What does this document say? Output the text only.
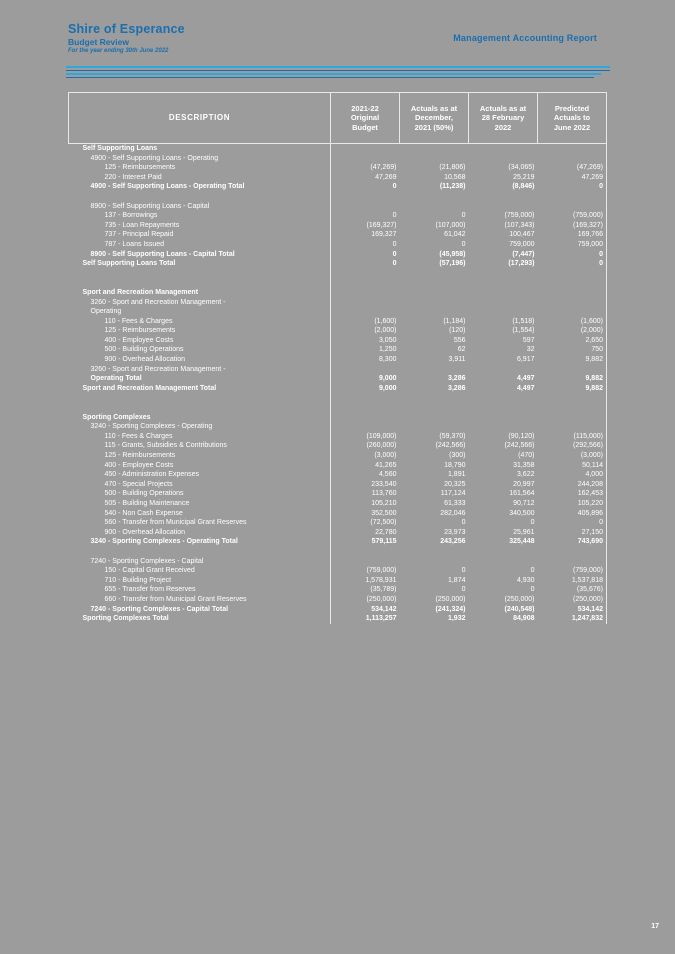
Shire of Esperance
Budget Review
For the year ending 30th June 2022
Management Accounting Report
DESCRIPTION	2021-22
Original
Budget	Actuals as at
December,
2021 (50%)	Actuals as at
28 February
2022	Predicted
Actuals to
June 2022
Self Supporting Loans				
4900 - Self Supporting Loans - Operating				
125 - Reimbursements	(47,269)	(21,806)	(34,065)	(47,269)
220 - Interest Paid	47,269	10,568	25,219	47,269
4900 - Self Supporting Loans - Operating Total	0	(11,238)	(8,846)	0

8900 - Self Supporting Loans - Capital				
137 - Borrowings	0	0	(759,000)	(759,000)
735 - Loan Repayments	(169,327)	(107,000)	(107,343)	(169,327)
737 - Principal Repaid	169,327	61,042	100,467	169,766
787 - Loans Issued	0	0	759,000	759,000
8900 - Self Supporting Loans - Capital Total	0	(45,958)	(7,447)	0
Self Supporting Loans Total	0	(57,196)	(17,293)	0

Sport and Recreation Management				
3260 - Sport and Recreation Management -				
Operating				
110 - Fees & Charges	(1,600)	(1,184)	(1,518)	(1,600)
125 - Reimbursements	(2,000)	(120)	(1,554)	(2,000)
400 - Employee Costs	3,050	556	597	2,650
500 - Building Operations	1,250	62	32	750
900 - Overhead Allocation	8,300	3,911	6,917	9,882
3260 - Sport and Recreation Management -				
Operating Total	9,000	3,286	4,497	9,882
Sport and Recreation Management Total	9,000	3,286	4,497	9,882

Sporting Complexes				
3240 - Sporting Complexes - Operating				
110 - Fees & Charges	(109,000)	(59,370)	(90,120)	(115,000)
115 - Grants, Subsidies & Contributions	(260,000)	(242,566)	(242,566)	(292,566)
125 - Reimbursements	(3,000)	(300)	(470)	(3,000)
400 - Employee Costs	41,265	18,790	31,358	50,114
450 - Administration Expenses	4,560	1,891	3,622	4,000
470 - Special Projects	233,540	20,325	20,997	244,208
500 - Building Operations	113,760	117,124	161,564	162,453
505 - Building Maintenance	105,210	61,333	90,712	105,220
540 - Non Cash Expense	352,500	282,046	340,500	405,896
560 - Transfer from Municipal Grant Reserves	(72,500)	0	0	0
900 - Overhead Allocation	22,780	23,973	25,961	27,150
3240 - Sporting Complexes - Operating Total	579,115	243,256	325,448	743,690

7240 - Sporting Complexes - Capital				
150 - Capital Grant Received	(759,000)	0	0	(759,000)
710 - Building Project	1,578,931	1,874	4,930	1,537,818
655 - Transfer from Reserves	(35,789)	0	0	(35,676)
660 - Transfer from Municipal Grant Reserves	(250,000)	(250,000)	(250,000)	(250,000)
7240 - Sporting Complexes - Capital Total	534,142	(241,324)	(240,548)	534,142
Sporting Complexes Total	1,113,257	1,932	84,908	1,247,832
17
